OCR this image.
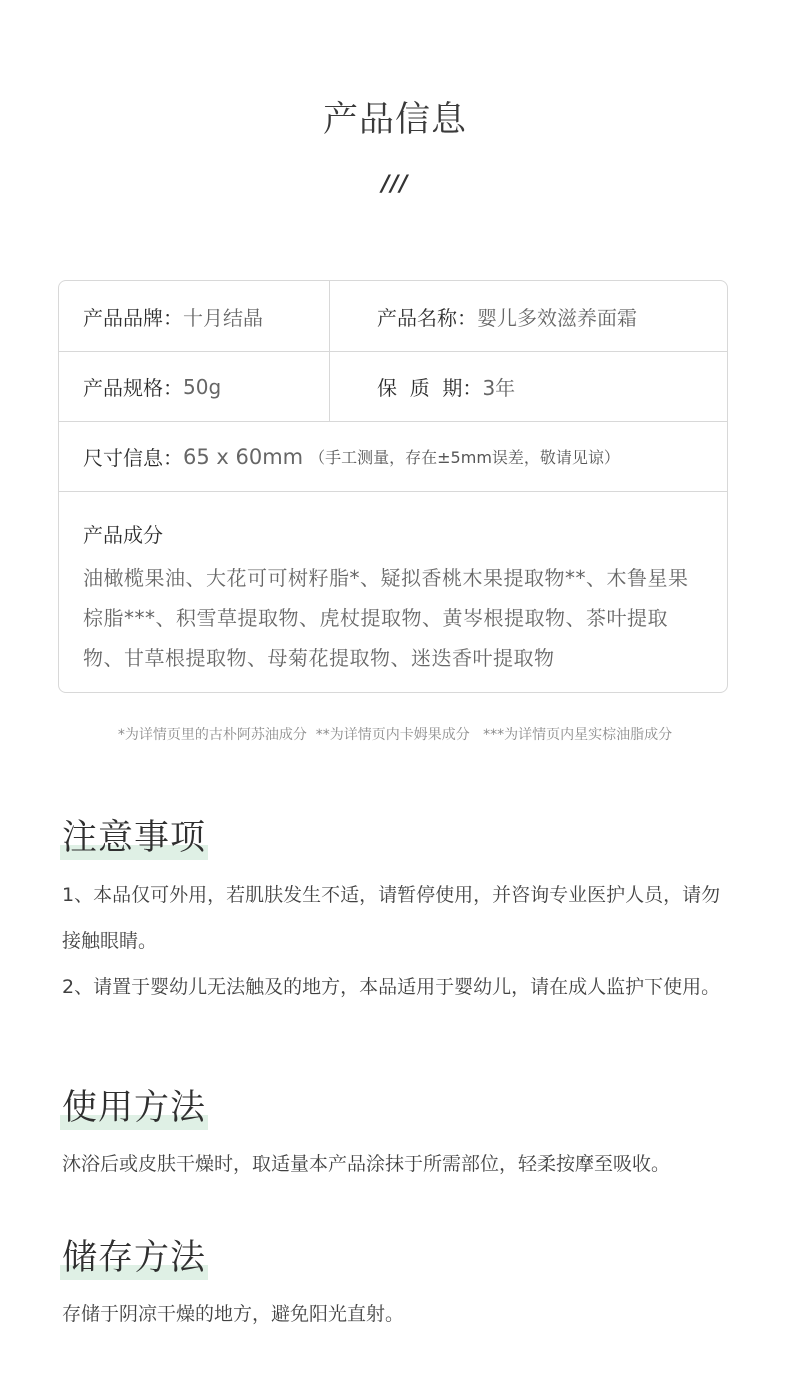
产品信息
///
产品品牌： 十月结晶	产品名称： 婴儿多效滋养面霜
产品规格： 50g	保  质  期： 3年
尺寸信息： 65 x 60mm （手工测量，存在±5mm误差，敬请见谅）
产品成分
油橄榄果油、大花可可树籽脂*、疑拟香桃木果提取物**、木鲁星果棕脂***、积雪草提取物、虎杖提取物、黄岑根提取物、茶叶提取物、甘草根提取物、母菊花提取物、迷迭香叶提取物
*为详情页里的古朴阿苏油成分  **为详情页内卡姆果成分   ***为详情页内星实棕油脂成分
注意事项
1、本品仅可外用，若肌肤发生不适，请暂停使用，并咨询专业医护人员，请勿接触眼睛。
2、请置于婴幼儿无法触及的地方，本品适用于婴幼儿，请在成人监护下使用。
使用方法
沐浴后或皮肤干燥时，取适量本产品涂抹于所需部位，轻柔按摩至吸收。
储存方法
存储于阴凉干燥的地方，避免阳光直射。
